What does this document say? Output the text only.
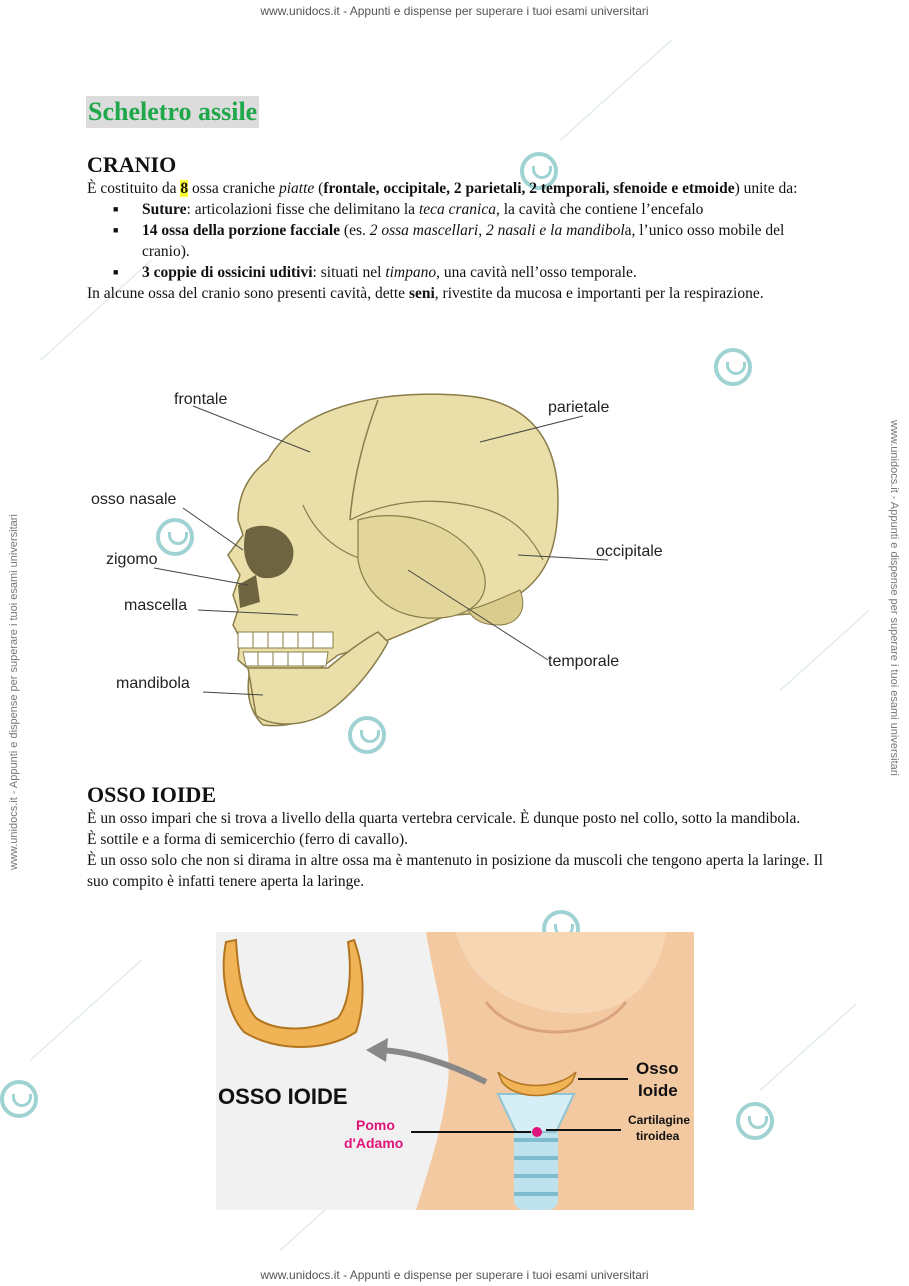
www.unidocs.it - Appunti e dispense per superare i tuoi esami universitari
www.unidocs.it - Appunti e dispense per superare i tuoi esami universitari
www.unidocs.it - Appunti e dispense per superare i tuoi esami universitari	www.unidocs.it - Appunti e dispense per superare i tuoi esami universitari
Scheletro assile
CRANIO

È costituito da 8 ossa craniche piatte (frontale, occipitale, 2 parietali, 2 temporali, sfenoide e etmoide) unite da:

■ Suture: articolazioni fisse che delimitano la teca cranica, la cavità che contiene l’encefalo
■ 14 ossa della porzione facciale (es. 2 ossa mascellari, 2 nasali e la mandibola, l’unico osso mobile del cranio).
■ 3 coppie di ossicini uditivi: situati nel timpano, una cavità nell’osso temporale.

In alcune ossa del cranio sono presenti cavità, dette seni, rivestite da mucosa e importanti per la respirazione.

frontale	parietale
osso nasale
zigomo	occipitale
mascella
temporale
mandibola
OSSO IOIDE

È un osso impari che si trova a livello della quarta vertebra cervicale. È dunque posto nel collo, sotto la mandibola.

È sottile e a forma di semicerchio (ferro di cavallo).

È un osso solo che non si dirama in altre ossa ma è mantenuto in posizione da muscoli che tengono aperta la laringe. Il suo compito è infatti tenere aperta la laringe.

OSSO IOIDE
Osso
Ioide
Cartilagine
tiroidea
Pomo
d'Adamo
